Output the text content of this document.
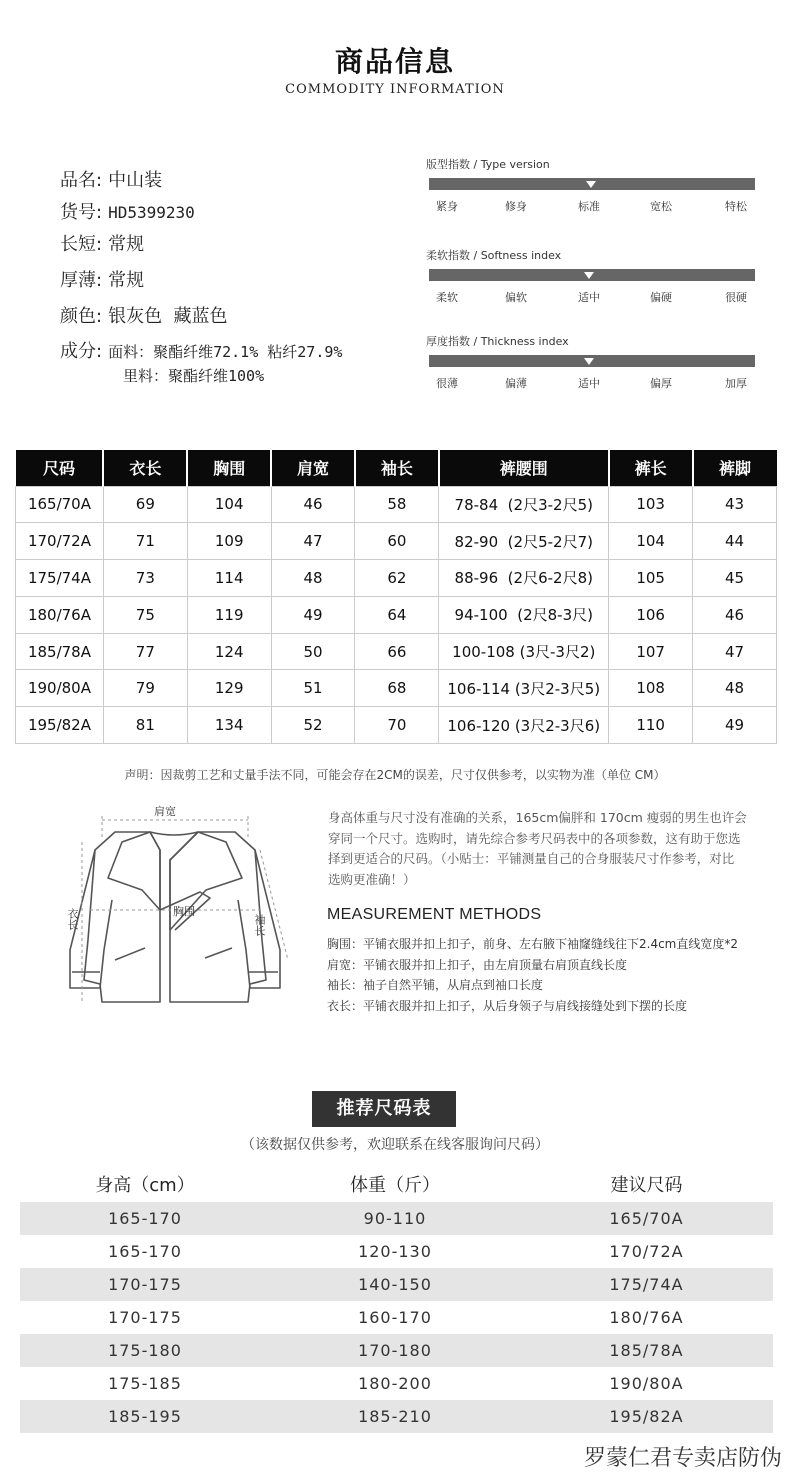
商品信息
COMMODITY INFORMATION
品名: 中山装
货号: HD5399230
长短: 常规
厚薄: 常规
颜色: 银灰色  藏蓝色
成分: 面料：聚酯纤维72.1% 粘纤27.9%
里料：聚酯纤维100%
版型指数 / Type version
紧身	修身	标准	宽松	特松
柔软指数 / Softness index
柔软	偏软	适中	偏硬	很硬
厚度指数 / Thickness index
很薄	偏薄	适中	偏厚	加厚
尺码	衣长	胸围	肩宽	袖长	裤腰围	裤长	裤脚
165/70A	69	104	46	58	78-84  (2尺3-2尺5)	103	43
170/72A	71	109	47	60	82-90  (2尺5-2尺7)	104	44
175/74A	73	114	48	62	88-96  (2尺6-2尺8)	105	45
180/76A	75	119	49	64	94-100  (2尺8-3尺)	106	46
185/78A	77	124	50	66	100-108 (3尺-3尺2)	107	47
190/80A	79	129	51	68	106-114 (3尺2-3尺5)	108	48
195/82A	81	134	52	70	106-120 (3尺2-3尺6)	110	49
声明：因裁剪工艺和丈量手法不同，可能会存在2CM的误差，尺寸仅供参考，以实物为准（单位 CM）
肩宽
胸围
衣长	袖长
身高体重与尺寸没有准确的关系，165cm偏胖和 170cm 瘦弱的男生也许会
穿同一个尺寸。选购时，请先综合参考尺码表中的各项参数，这有助于您选
择到更适合的尺码。（小贴士：平铺测量自己的合身服装尺寸作参考，对比
选购更准确！）
MEASUREMENT METHODS
胸围：平铺衣服并扣上扣子，前身、左右腋下袖窿缝线往下2.4cm直线宽度*2
肩宽：平铺衣服并扣上扣子，由左肩顶量右肩顶直线长度
袖长：袖子自然平铺，从肩点到袖口长度
衣长：平铺衣服并扣上扣子，从后身领子与肩线接缝处到下摆的长度
推荐尺码表
（该数据仅供参考，欢迎联系在线客服询问尺码）
身高（cm）	体重（斤）	建议尺码
165-170	90-110	165/70A
165-170	120-130	170/72A
170-175	140-150	175/74A
170-175	160-170	180/76A
175-180	170-180	185/78A
175-185	180-200	190/80A
185-195	185-210	195/82A
罗蒙仁君专卖店防伪
